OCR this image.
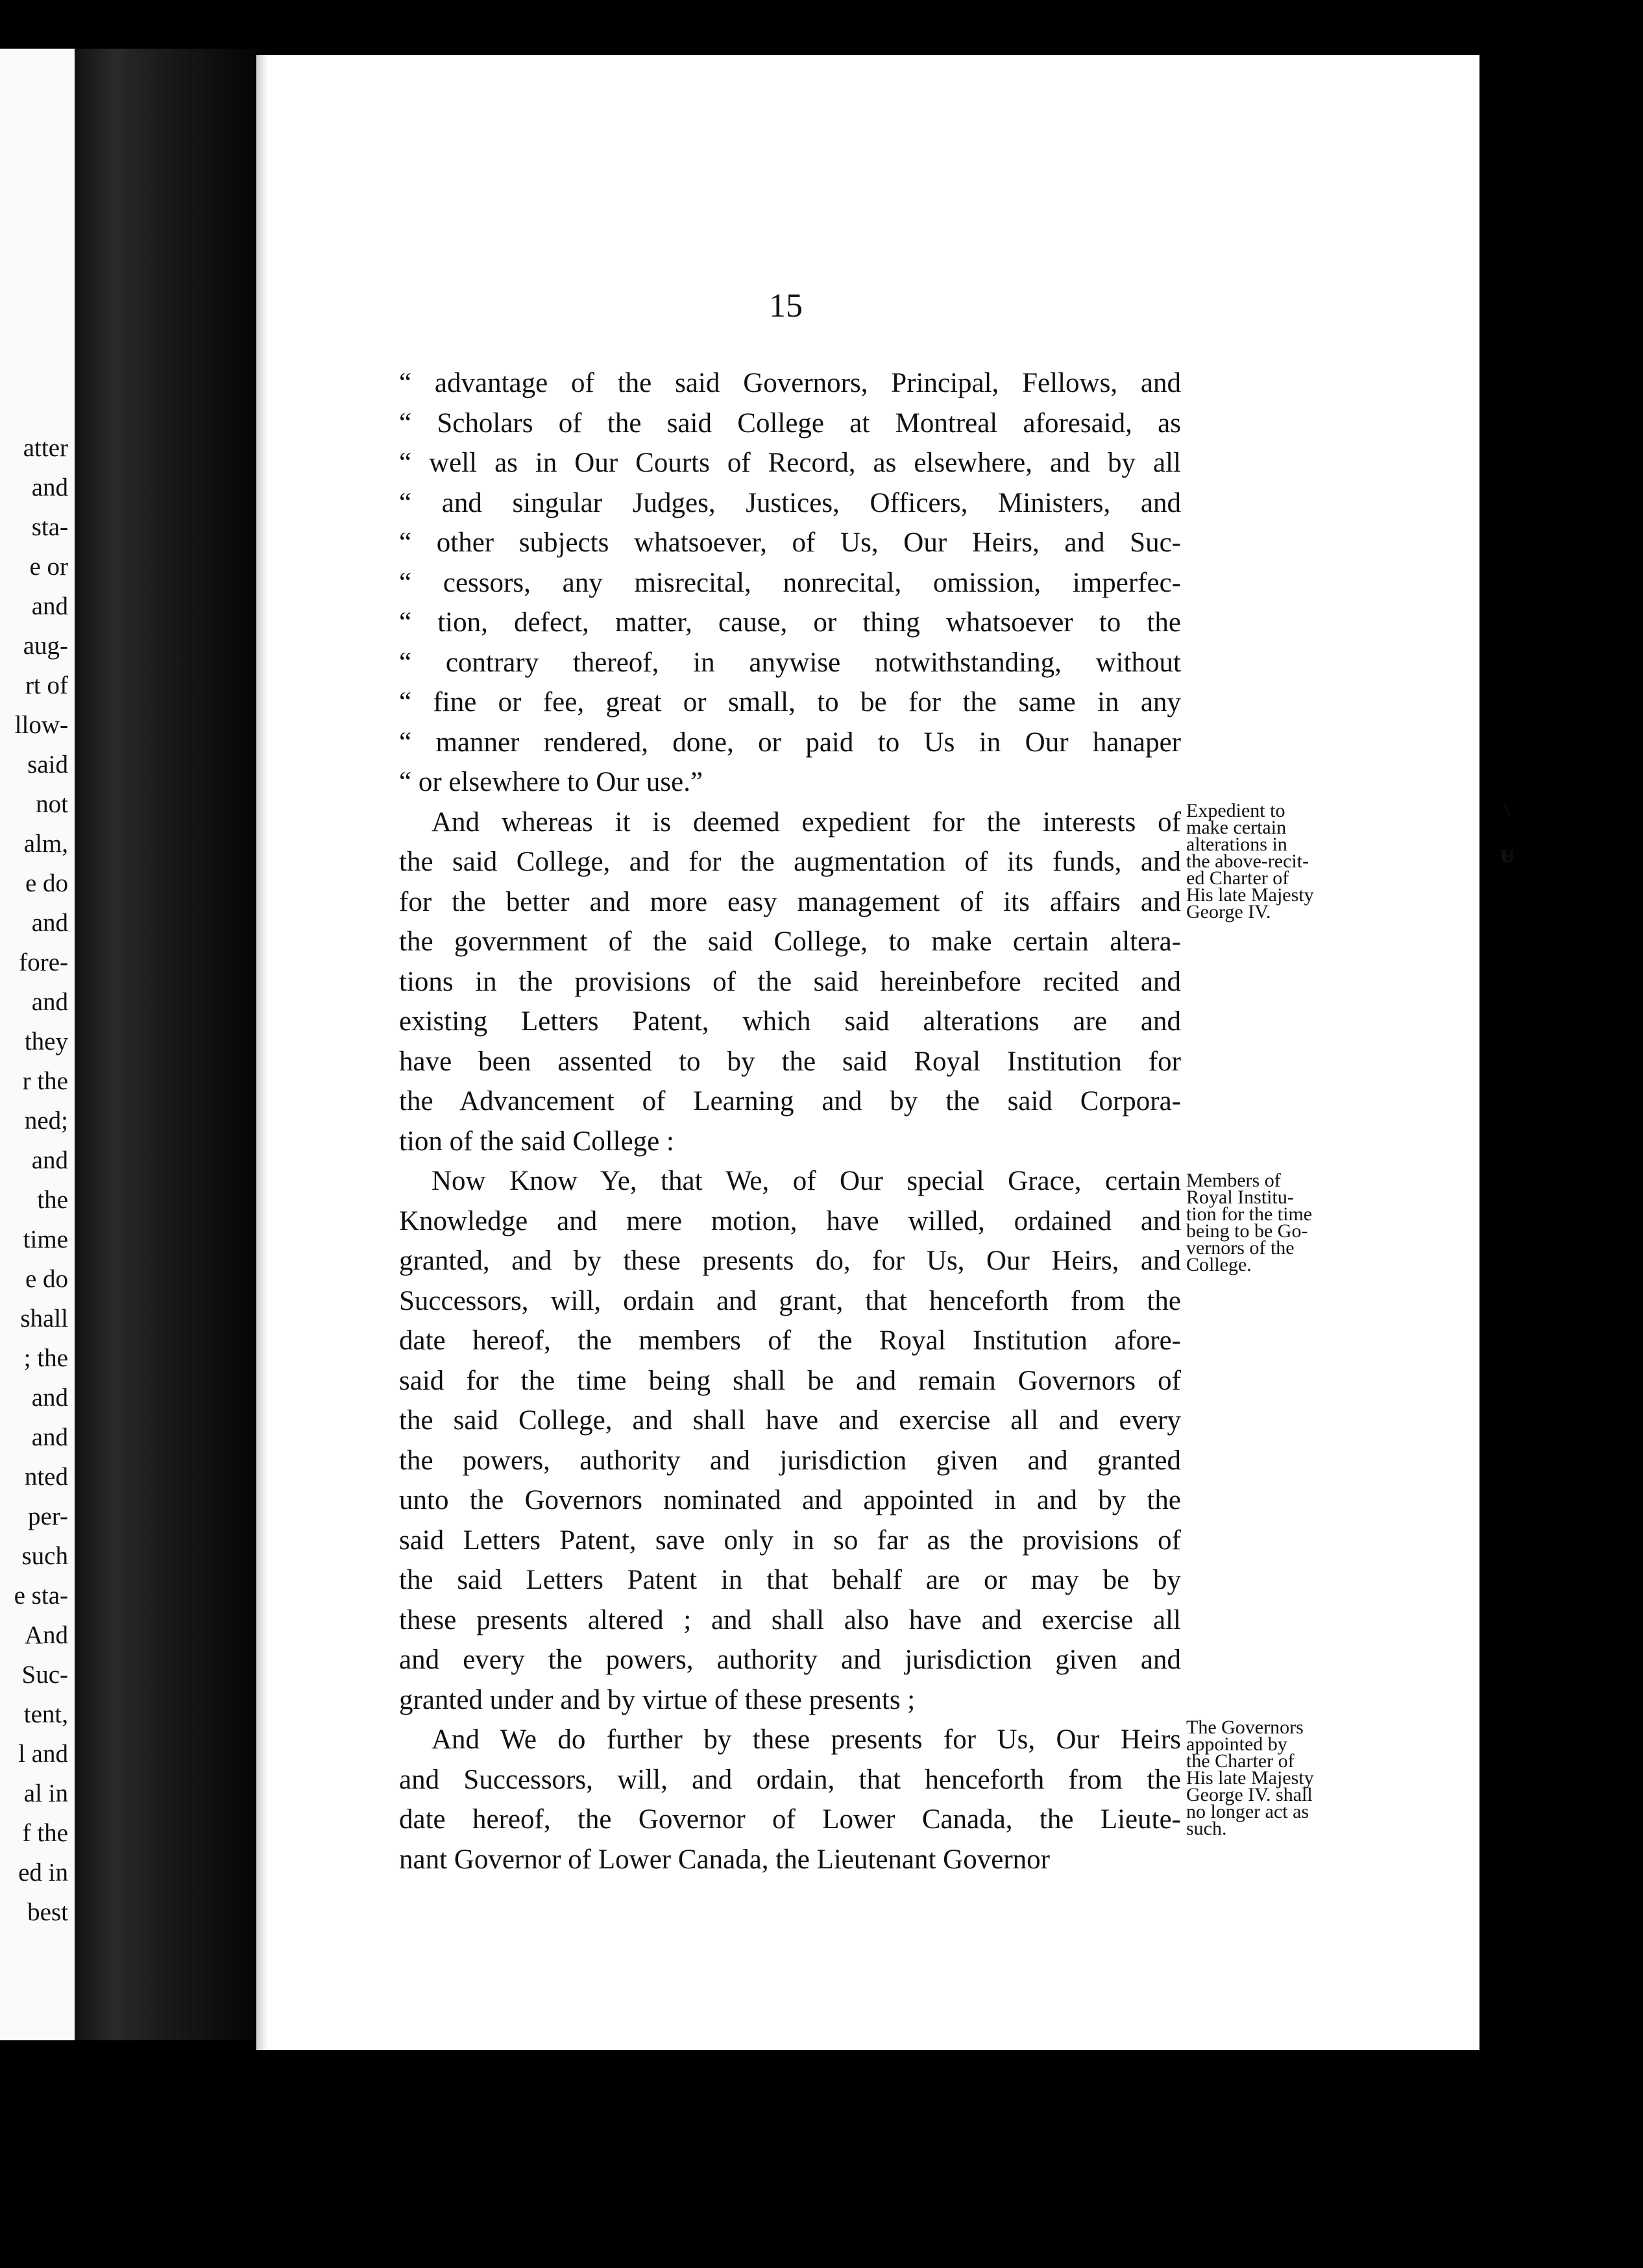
atter
and
sta-
e or
and
aug-
rt of
llow-
said
not
alm,
e do
and
fore-
and
they
r the
ned;
and
the
time
e do
shall
; the
and
and
nted
per-
such
e sta-
And
Suc-
tent,
l and
al in
f the
ed in
best
15
“ advantage of the said Governors, Principal, Fellows, and
“ Scholars of the said College at Montreal aforesaid, as
“ well as in Our Courts of Record, as elsewhere, and by all
“ and singular Judges, Justices, Officers, Ministers, and
“ other subjects whatsoever, of Us, Our Heirs, and Suc-
“ cessors, any misrecital, nonrecital, omission, imperfec-
“ tion, defect, matter, cause, or thing whatsoever to the
“ contrary thereof, in anywise notwithstanding, without
“ fine or fee, great or small, to be for the same in any
“ manner rendered, done, or paid to Us in Our hanaper
“ or elsewhere to Our use.”
And whereas it is deemed expedient for the interests of
the said College, and for the augmentation of its funds, and
for the better and more easy management of its affairs and
the government of the said College, to make certain altera-
tions in the provisions of the said hereinbefore recited and
existing Letters Patent, which said alterations are and
have been assented to by the said Royal Institution for
the Advancement of Learning and by the said Corpora-
tion of the said College :
Now Know Ye, that We, of Our special Grace, certain
Knowledge and mere motion, have willed, ordained and
granted, and by these presents do, for Us, Our Heirs, and
Successors, will, ordain and grant, that henceforth from the
date hereof, the members of the Royal Institution afore-
said for the time being shall be and remain Governors of
the said College, and shall have and exercise all and every
the powers, authority and jurisdiction given and granted
unto the Governors nominated and appointed in and by the
said Letters Patent, save only in so far as the provisions of
the said Letters Patent in that behalf are or may be by
these presents altered ; and shall also have and exercise all
and every the powers, authority and jurisdiction given and
granted under and by virtue of these presents ;
And We do further by these presents for Us, Our Heirs
and Successors, will, and ordain, that henceforth from the
date hereof, the Governor of Lower Canada, the Lieute-
nant Governor of Lower Canada, the Lieutenant Governor
Expedient to
make certain
alterations in
the above-recit-
ed Charter of
His late Majesty
George IV.
Members of
Royal Institu-
tion for the time
being to be Go-
vernors of the
College.
The Governors
appointed by
the Charter of
His late Majesty
George IV. shall
no longer act as
such.
\
ᵾ
